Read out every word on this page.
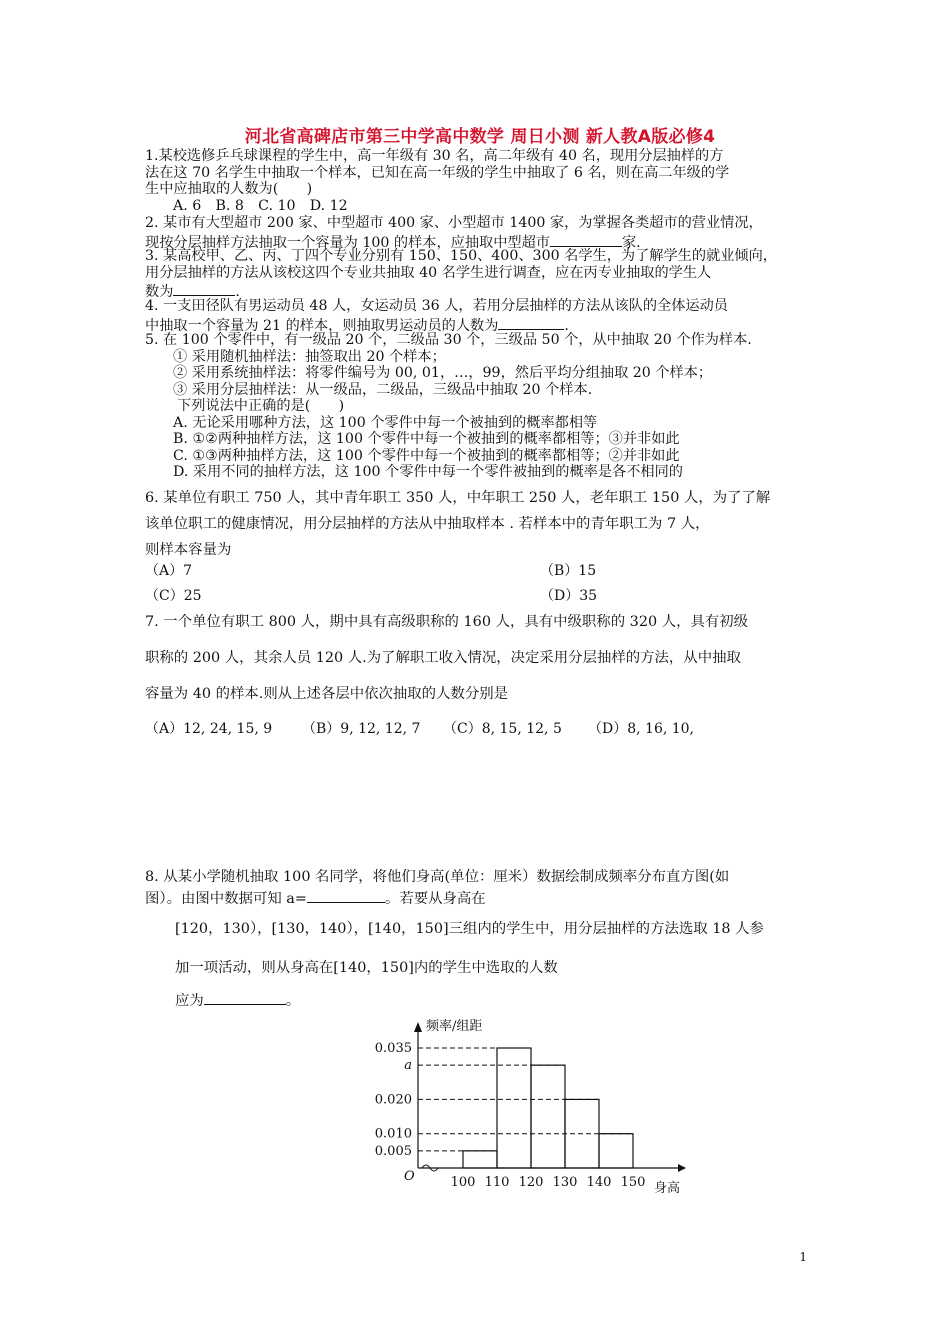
河北省高碑店市第三中学高中数学 周日小测 新人教A版必修4

1.某校选修乒乓球课程的学生中，高一年级有 30 名，高二年级有 40 名，现用分层抽样的方

法在这 70 名学生中抽取一个样本，已知在高一年级的学生中抽取了 6 名，则在高二年级的学

生中应抽取的人数为(　　)

A. 6　B. 8　C. 10　D. 12

2. 某市有大型超市 200 家、中型超市 400 家、小型超市 1400 家，为掌握各类超市的营业情况，

现按分层抽样方法抽取一个容量为 100 的样本，应抽取中型超市	家.

3. 某高校甲、乙、丙、丁四个专业分别有 150、150、400、300 名学生，为了解学生的就业倾向，

用分层抽样的方法从该校这四个专业共抽取 40 名学生进行调查，应在丙专业抽取的学生人

数为	.

4. 一支田径队有男运动员 48 人，女运动员 36 人，若用分层抽样的方法从该队的全体运动员

中抽取一个容量为 21 的样本，则抽取男运动员的人数为	.

5. 在 100 个零件中，有一级品 20 个，二级品 30 个，三级品 50 个，从中抽取 20 个作为样本.

① 采用随机抽样法：抽签取出 20 个样本；

② 采用系统抽样法：将零件编号为 00, 01，…，99，然后平均分组抽取 20 个样本；

③ 采用分层抽样法：从一级品，二级品，三级品中抽取 20 个样本.

下列说法中正确的是(　　)

A. 无论采用哪种方法，这 100 个零件中每一个被抽到的概率都相等

B. ①②两种抽样方法，这 100 个零件中每一个被抽到的概率都相等；③并非如此

C. ①③两种抽样方法，这 100 个零件中每一个被抽到的概率都相等；②并非如此

D. 采用不同的抽样方法，这 100 个零件中每一个零件被抽到的概率是各不相同的

6. 某单位有职工 750 人，其中青年职工 350 人，中年职工 250 人，老年职工 150 人，为了了解

该单位职工的健康情况，用分层抽样的方法从中抽取样本 . 若样本中的青年职工为 7 人，

则样本容量为

（A）7	（B）15
（C）25	（D）35

7. 一个单位有职工 800 人，期中具有高级职称的 160 人，具有中级职称的 320 人，具有初级

职称的 200 人，其余人员 120 人.为了解职工收入情况，决定采用分层抽样的方法，从中抽取

容量为 40 的样本.则从上述各层中依次抽取的人数分别是

（A）12, 24, 15, 9 （B）9, 12, 12, 7 （C）8, 15, 12, 5 （D）8, 16, 10,

8. 从某小学随机抽取 100 名同学，将他们身高(单位：厘米）数据绘制成频率分布直方图(如

图）。由图中数据可知 a=	。若要从身高在

[120，130），[130，140），[140，150]三组内的学生中，用分层抽样的方法选取 18 人参
加一项活动，则从身高在[140，150]内的学生中选取的人数
应为	。
频率/组距
身高
O
0.035
a
0.020
0.010
0.005
100 110 120 130 140 150
1
